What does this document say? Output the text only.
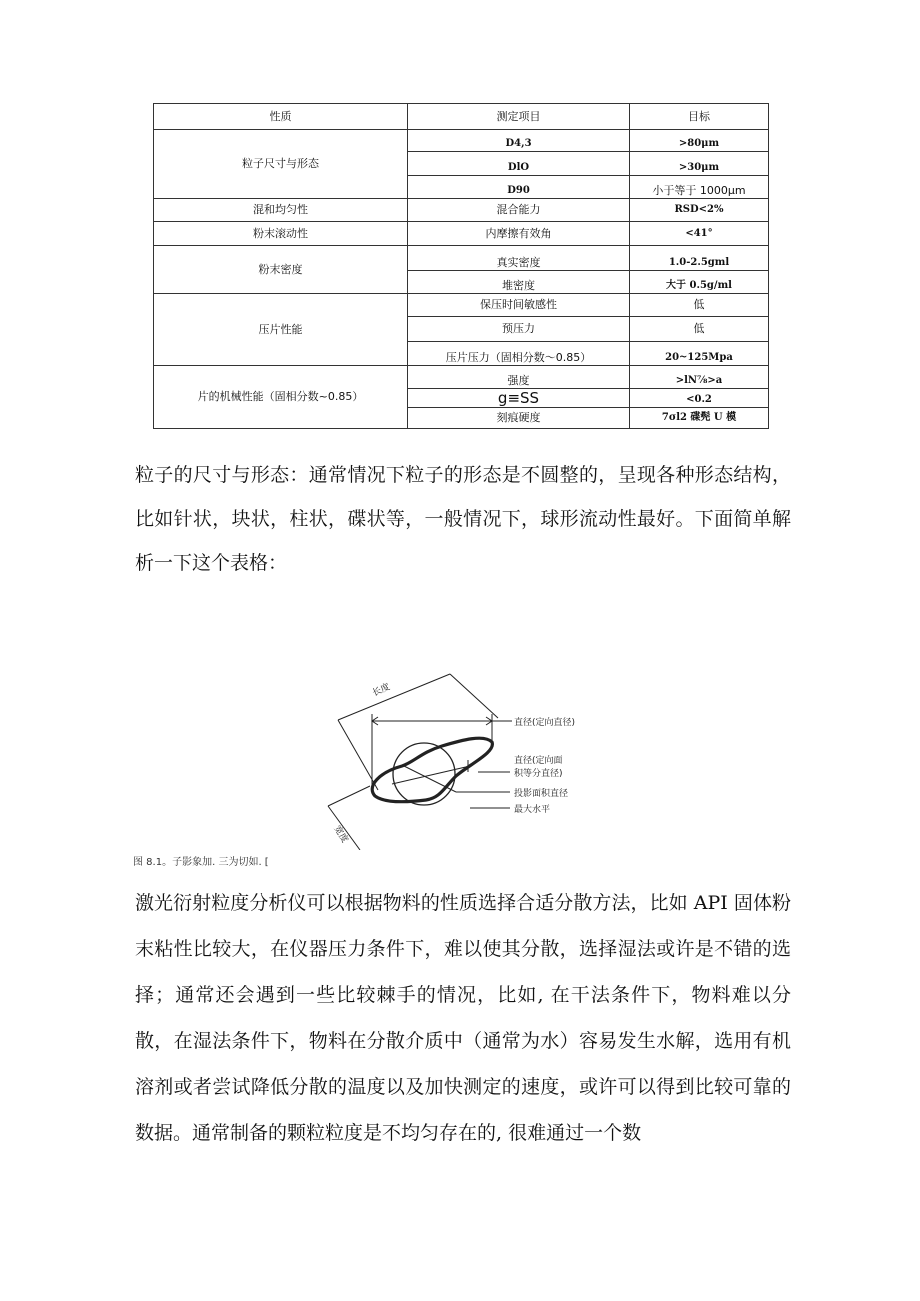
性质	测定项目	目标
粒子尺寸与形态	D4,3	>80μm
	DlO	>30μm
	D90	小于等于 1000μm
混和均匀性	混合能力	RSD<2%
粉末滚动性	内摩擦有效角	<41°
粉末密度	真实密度	1.0-2.5gml
	堆密度	大于 0.5g/ml
压片性能	保压时间敏感性	低
	预压力	低
	压片压力（固相分数～0.85）	20~125Mpa
片的机械性能（固相分数~0.85）	强度	>lN⅞>a
	g≡SS	<0.2
	刻痕硬度	7σl2 碟髡 U 模

粒子的尺寸与形态：通常情况下粒子的形态是不圆整的，呈现各种形态结构，比如针状，块状，柱状，碟状等，一般情况下，球形流动性最好。下面简单解析一下这个表格：

长度
宽度
直径(定向直径)
直径(定向面
积等分直径)
投影面积直径
最大水平

图 8.1。子影象加. 三为切如. [

激光衍射粒度分析仪可以根据物料的性质选择合适分散方法，比如 API 固体粉末粘性比较大，在仪器压力条件下，难以使其分散，选择湿法或许是不错的选择；通常还会遇到一些比较棘手的情况，比如, 在干法条件下，物料难以分散，在湿法条件下，物料在分散介质中（通常为水）容易发生水解，选用有机溶剂或者尝试降低分散的温度以及加快测定的速度，或许可以得到比较可靠的数据。通常制备的颗粒粒度是不均匀存在的, 很难通过一个数
